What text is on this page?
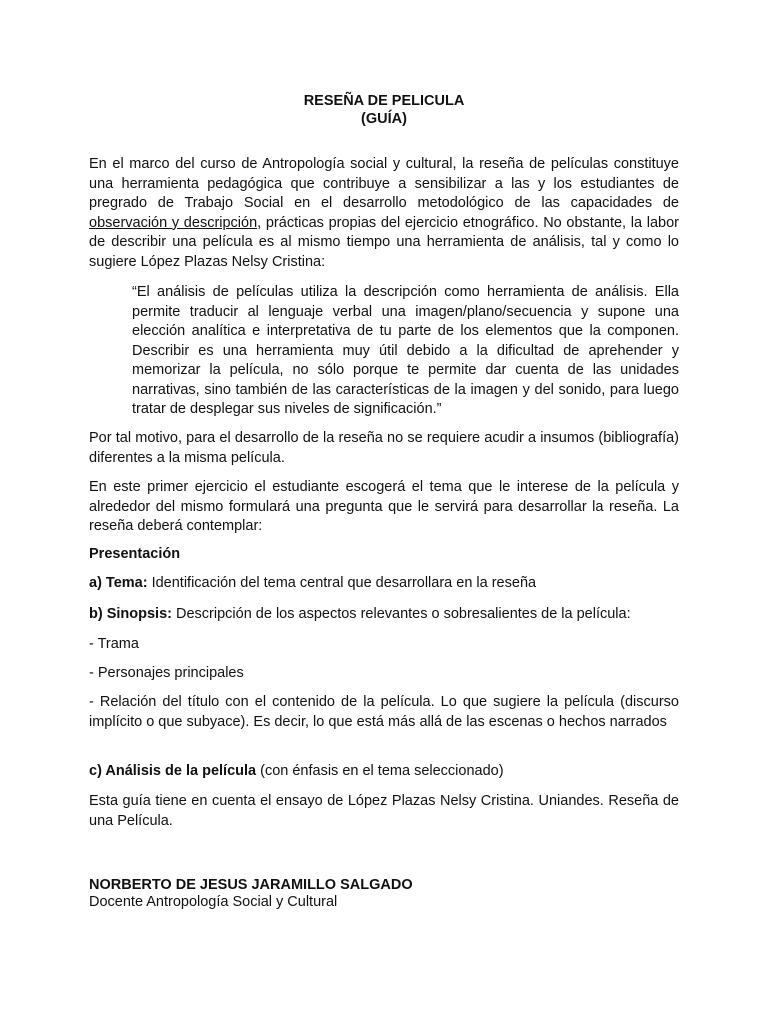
RESEÑA DE PELICULA
(GUÍA)
En el marco del curso de Antropología social y cultural, la reseña de películas constituye una herramienta pedagógica que contribuye a sensibilizar a las y los estudiantes de pregrado de Trabajo Social en el desarrollo metodológico de las capacidades de observación y descripción, prácticas propias del ejercicio etnográfico. No obstante, la labor de describir una película es al mismo tiempo una herramienta de análisis, tal y como lo sugiere López Plazas Nelsy Cristina:
“El análisis de películas utiliza la descripción como herramienta de análisis. Ella permite traducir al lenguaje verbal una imagen/plano/secuencia y supone una elección analítica e interpretativa de tu parte de los elementos que la componen. Describir es una herramienta muy útil debido a la dificultad de aprehender y memorizar la película, no sólo porque te permite dar cuenta de las unidades narrativas, sino también de las características de la imagen y del sonido, para luego tratar de desplegar sus niveles de significación.”
Por tal motivo, para el desarrollo de la reseña no se requiere acudir a insumos (bibliografía) diferentes a la misma película.
En este primer ejercicio el estudiante escogerá el tema que le interese de la película y alrededor del mismo formulará una pregunta que le servirá para desarrollar la reseña. La reseña deberá contemplar:
Presentación
a) Tema: Identificación del tema central que desarrollara en la reseña
b) Sinopsis: Descripción de los aspectos relevantes o sobresalientes de la película:
- Trama
- Personajes principales
- Relación del título con el contenido de la película. Lo que sugiere la película (discurso implícito o que subyace). Es decir, lo que está más allá de las escenas o hechos narrados
c) Análisis de la película (con énfasis en el tema seleccionado)
Esta guía tiene en cuenta el ensayo de López Plazas Nelsy Cristina. Uniandes. Reseña de una Película.
NORBERTO DE JESUS JARAMILLO SALGADO
Docente Antropología Social y Cultural
